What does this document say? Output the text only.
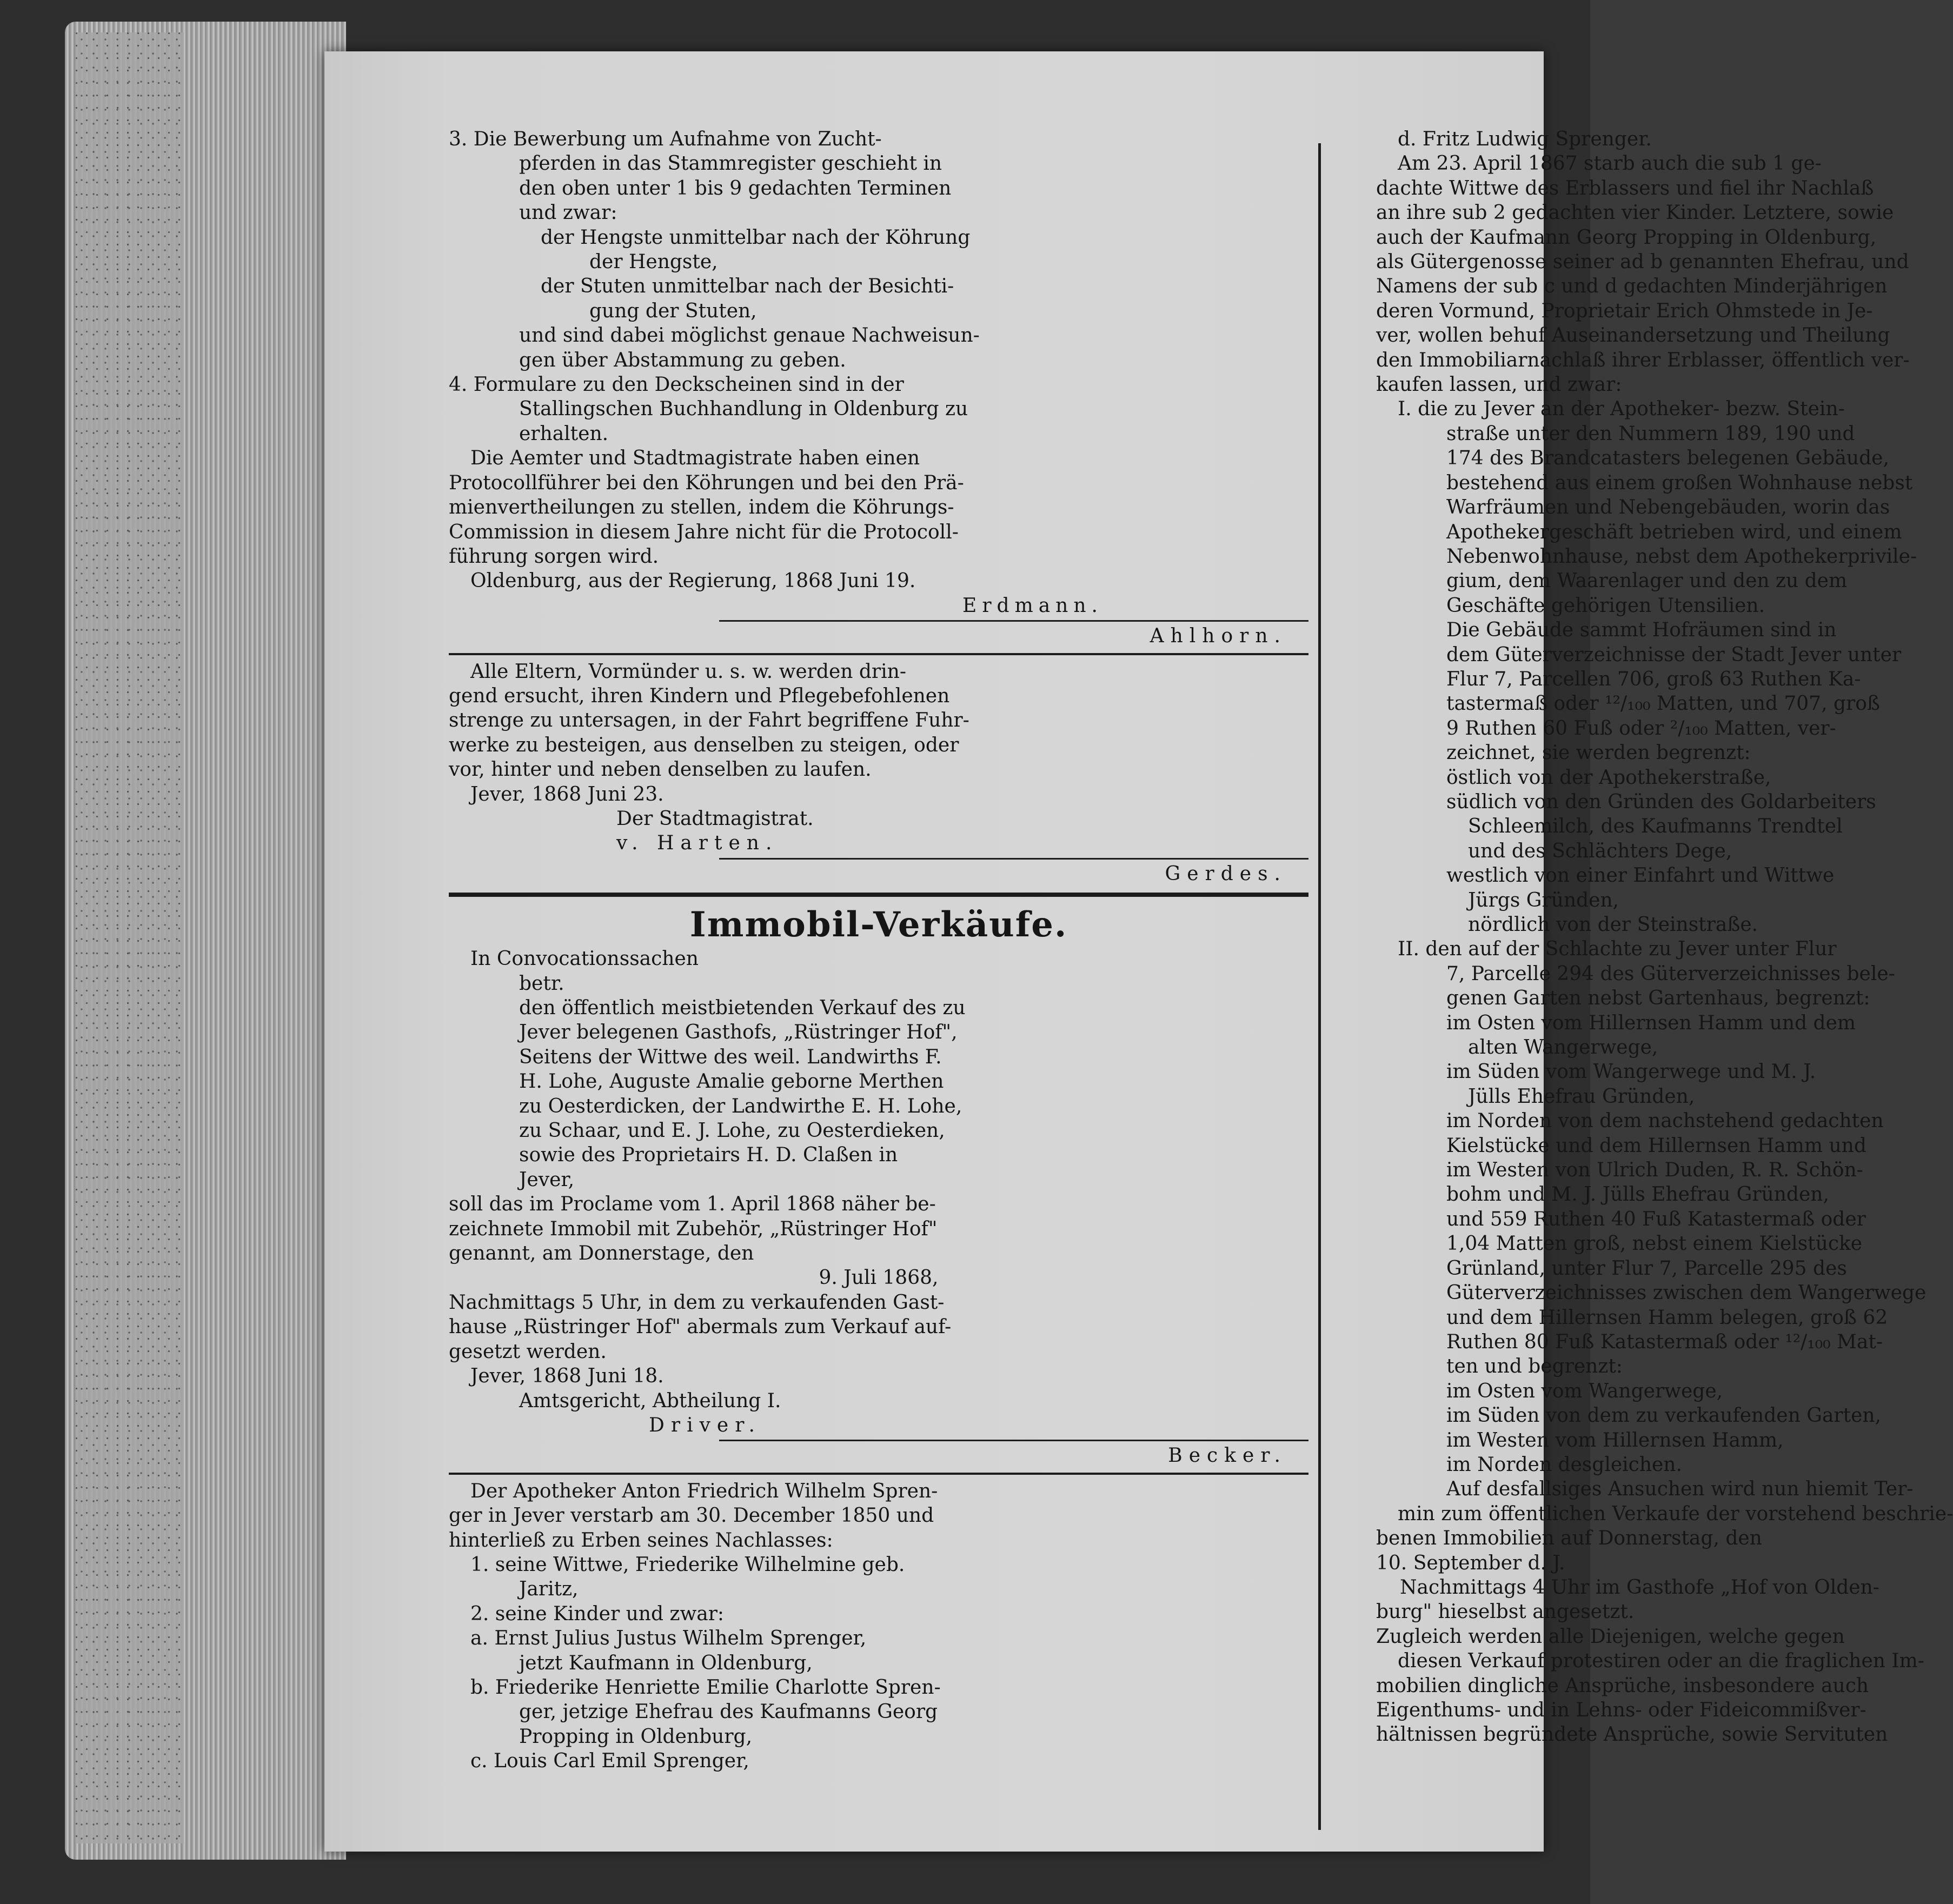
3. Die Bewerbung um Aufnahme von Zucht-
pferden in das Stammregister geschieht in
den oben unter 1 bis 9 gedachten Terminen
und zwar:
der Hengste unmittelbar nach der Köhrung
der Hengste,
der Stuten unmittelbar nach der Besichti-
gung der Stuten,
und sind dabei möglichst genaue Nachweisun-
gen über Abstammung zu geben.
4. Formulare zu den Deckscheinen sind in der
Stallingschen Buchhandlung in Oldenburg zu
erhalten.
Die Aemter und Stadtmagistrate haben einen
Protocollführer bei den Köhrungen und bei den Prä-
mienvertheilungen zu stellen, indem die Köhrungs-
Commission in diesem Jahre nicht für die Protocoll-
führung sorgen wird.
Oldenburg, aus der Regierung, 1868 Juni 19.
Erdmann.
Ahlhorn.
Alle Eltern, Vormünder u. s. w. werden drin-
gend ersucht, ihren Kindern und Pflegebefohlenen
strenge zu untersagen, in der Fahrt begriffene Fuhr-
werke zu besteigen, aus denselben zu steigen, oder
vor, hinter und neben denselben zu laufen.
Jever, 1868 Juni 23.
Der Stadtmagistrat.
v. Harten.
Gerdes.
Immobil-Verkäufe.
In Convocationssachen
betr.
den öffentlich meistbietenden Verkauf des zu
Jever belegenen Gasthofs, „Rüstringer Hof",
Seitens der Wittwe des weil. Landwirths F.
H. Lohe, Auguste Amalie geborne Merthen
zu Oesterdicken, der Landwirthe E. H. Lohe,
zu Schaar, und E. J. Lohe, zu Oesterdieken,
sowie des Proprietairs H. D. Claßen in
Jever,
soll das im Proclame vom 1. April 1868 näher be-
zeichnete Immobil mit Zubehör, „Rüstringer Hof"
genannt, am Donnerstage, den
9. Juli 1868,
Nachmittags 5 Uhr, in dem zu verkaufenden Gast-
hause „Rüstringer Hof" abermals zum Verkauf auf-
gesetzt werden.
Jever, 1868 Juni 18.
Amtsgericht, Abtheilung I.
Driver.
Becker.
Der Apotheker Anton Friedrich Wilhelm Spren-
ger in Jever verstarb am 30. December 1850 und
hinterließ zu Erben seines Nachlasses:
1. seine Wittwe, Friederike Wilhelmine geb.
Jaritz,
2. seine Kinder und zwar:
a. Ernst Julius Justus Wilhelm Sprenger,
jetzt Kaufmann in Oldenburg,
b. Friederike Henriette Emilie Charlotte Spren-
ger, jetzige Ehefrau des Kaufmanns Georg
Propping in Oldenburg,
c. Louis Carl Emil Sprenger,
d. Fritz Ludwig Sprenger.
Am 23. April 1867 starb auch die sub 1 ge-
dachte Wittwe des Erblassers und fiel ihr Nachlaß
an ihre sub 2 gedachten vier Kinder. Letztere, sowie
auch der Kaufmann Georg Propping in Oldenburg,
als Gütergenosse seiner ad b genannten Ehefrau, und
Namens der sub c und d gedachten Minderjährigen
deren Vormund, Proprietair Erich Ohmstede in Je-
ver, wollen behuf Auseinandersetzung und Theilung
den Immobiliarnachlaß ihrer Erblasser, öffentlich ver-
kaufen lassen, und zwar:
I. die zu Jever an der Apotheker- bezw. Stein-
straße unter den Nummern 189, 190 und
174 des Brandcatasters belegenen Gebäude,
bestehend aus einem großen Wohnhause nebst
Warfräumen und Nebengebäuden, worin das
Apothekergeschäft betrieben wird, und einem
Nebenwohnhause, nebst dem Apothekerprivile-
gium, dem Waarenlager und den zu dem
Geschäfte gehörigen Utensilien.
Die Gebäude sammt Hofräumen sind in
dem Güterverzeichnisse der Stadt Jever unter
Flur 7, Parcellen 706, groß 63 Ruthen Ka-
tastermaß oder ¹²/₁₀₀ Matten, und 707, groß
9 Ruthen 60 Fuß oder ²/₁₀₀ Matten, ver-
zeichnet, sie werden begrenzt:
östlich von der Apothekerstraße,
südlich von den Gründen des Goldarbeiters
Schleemilch, des Kaufmanns Trendtel
und des Schlächters Dege,
westlich von einer Einfahrt und Wittwe
Jürgs Gründen,
nördlich von der Steinstraße.
II. den auf der Schlachte zu Jever unter Flur
7, Parcelle 294 des Güterverzeichnisses bele-
genen Garten nebst Gartenhaus, begrenzt:
im Osten vom Hillernsen Hamm und dem
alten Wangerwege,
im Süden vom Wangerwege und M. J.
Jülls Ehefrau Gründen,
im Norden von dem nachstehend gedachten
Kielstücke und dem Hillernsen Hamm und
im Westen von Ulrich Duden, R. R. Schön-
bohm und M. J. Jülls Ehefrau Gründen,
und 559 Ruthen 40 Fuß Katastermaß oder
1,04 Matten groß, nebst einem Kielstücke
Grünland, unter Flur 7, Parcelle 295 des
Güterverzeichnisses zwischen dem Wangerwege
und dem Hillernsen Hamm belegen, groß 62
Ruthen 80 Fuß Katastermaß oder ¹²/₁₀₀ Mat-
ten und begrenzt:
im Osten vom Wangerwege,
im Süden von dem zu verkaufenden Garten,
im Westen vom Hillernsen Hamm,
im Norden desgleichen.
Auf desfallsiges Ansuchen wird nun hiemit Ter-
min zum öffentlichen Verkaufe der vorstehend beschrie-
benen Immobilien auf Donnerstag, den
10. September d. J.
Nachmittags 4 Uhr im Gasthofe „Hof von Olden-
burg" hieselbst angesetzt.
Zugleich werden alle Diejenigen, welche gegen
diesen Verkauf protestiren oder an die fraglichen Im-
mobilien dingliche Ansprüche, insbesondere auch
Eigenthums- und in Lehns- oder Fideicommißver-
hältnissen begründete Ansprüche, sowie Servituten
